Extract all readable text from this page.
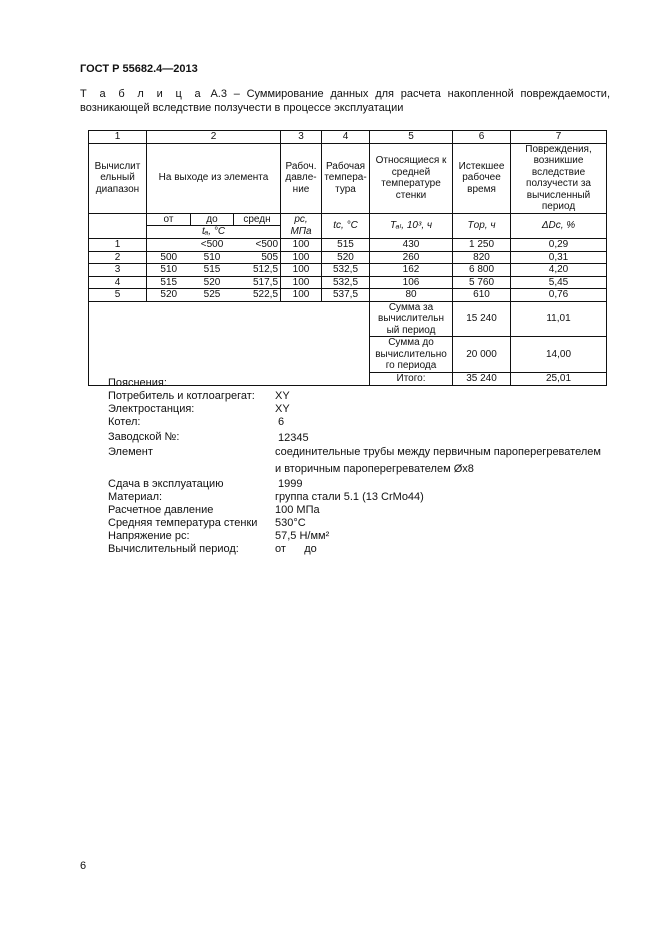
ГОСТ Р 55682.4—2013
Т а б л и ц а А.3 – Суммирование данных для расчета накопленной повреждаемости, возникающей вследствие ползучести в процессе эксплуатации
1	2			3	4	5	6	7
Вычислит ельный диапазон	На выходе из элемента			Рабоч. давле- ние	Рабочая темпера- тура	Относящиеся к средней температуре стенки	Истекшее рабочее время	Повреждения, возникшие вследствие ползучести за вычисленный период
	от	до	средн	pc, МПа	tc, °C	Tₐₗ, 10³, ч	Tор, ч	ΔDc, %
	tₐ, °C							
1		<500	<500	100	515	430	1 250	0,29
2	500	510	505	100	520	260	820	0,31
3	510	515	512,5	100	532,5	162	6 800	4,20
4	515	520	517,5	100	532,5	106	5 760	5,45
5	520	525	522,5	100	537,5	80	610	0,76
						Сумма за вычислительн ый период	15 240	11,01
						Сумма до вычислительно го периода	20 000	14,00
						Итого:	35 240	25,01
Пояснения:
Потребитель и котлоагрегат: XY
Электростанция:	XY
Котел:	6
Заводской №:	12345
Элемент	соединительные трубы между первичным пароперегревателем
и вторичным пароперегревателем Øx8
Сдача в эксплуатацию	1999
Материал:	группа стали 5.1 (13 CrMo44)
Расчетное давление	100 МПа
Средняя температура стенки 530°C
Напряжение pc:	57,5 Н/мм²
Вычислительный период:	от      до
6
